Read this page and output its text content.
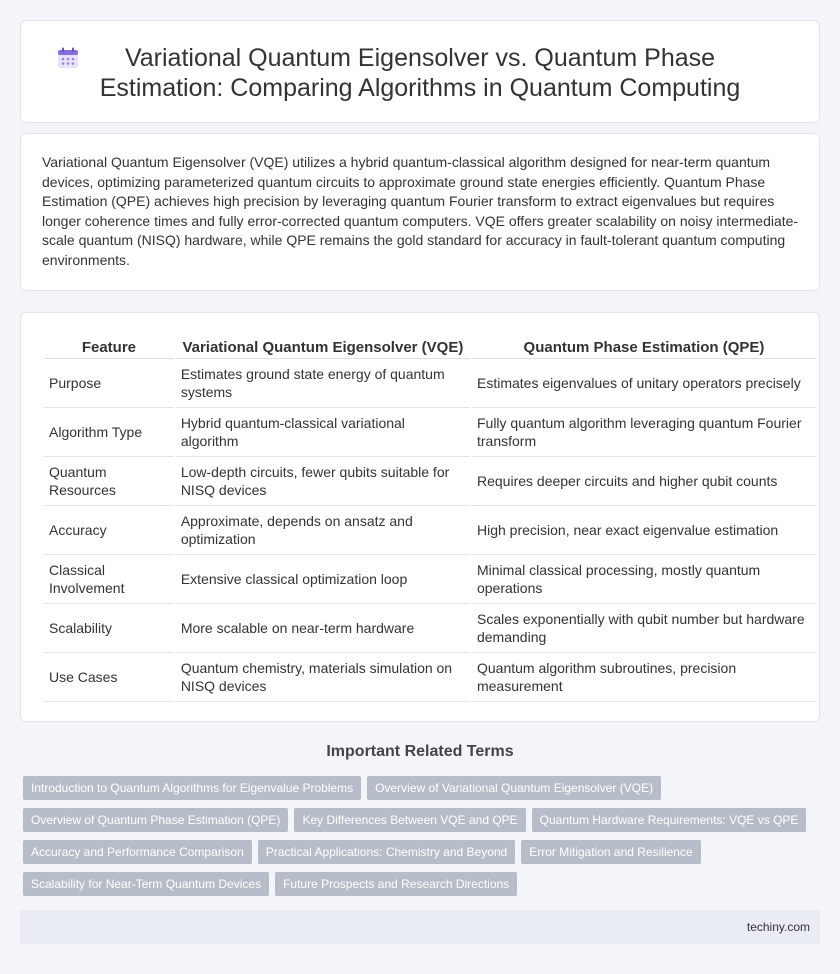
Variational Quantum Eigensolver vs. Quantum Phase Estimation: Comparing Algorithms in Quantum Computing

Variational Quantum Eigensolver (VQE) utilizes a hybrid quantum-classical algorithm designed for near-term quantum devices, optimizing parameterized quantum circuits to approximate ground state energies efficiently. Quantum Phase Estimation (QPE) achieves high precision by leveraging quantum Fourier transform to extract eigenvalues but requires longer coherence times and fully error-corrected quantum computers. VQE offers greater scalability on noisy intermediate-scale quantum (NISQ) hardware, while QPE remains the gold standard for accuracy in fault-tolerant quantum computing environments.

Feature	Variational Quantum Eigensolver (VQE)	Quantum Phase Estimation (QPE)
Purpose	Estimates ground state energy of quantum systems	Estimates eigenvalues of unitary operators precisely
Algorithm Type	Hybrid quantum-classical variational algorithm	Fully quantum algorithm leveraging quantum Fourier transform
Quantum Resources	Low-depth circuits, fewer qubits suitable for NISQ devices	Requires deeper circuits and higher qubit counts
Accuracy	Approximate, depends on ansatz and optimization	High precision, near exact eigenvalue estimation
Classical Involvement	Extensive classical optimization loop	Minimal classical processing, mostly quantum operations
Scalability	More scalable on near-term hardware	Scales exponentially with qubit number but hardware demanding
Use Cases	Quantum chemistry, materials simulation on NISQ devices	Quantum algorithm subroutines, precision measurement
Important Related Terms
Introduction to Quantum Algorithms for Eigenvalue Problems	Overview of Variational Quantum Eigensolver (VQE)
Overview of Quantum Phase Estimation (QPE)	Key Differences Between VQE and QPE	Quantum Hardware Requirements: VQE vs QPE
Accuracy and Performance Comparison	Practical Applications: Chemistry and Beyond	Error Mitigation and Resilience
Scalability for Near-Term Quantum Devices	Future Prospects and Research Directions
techiny.com
